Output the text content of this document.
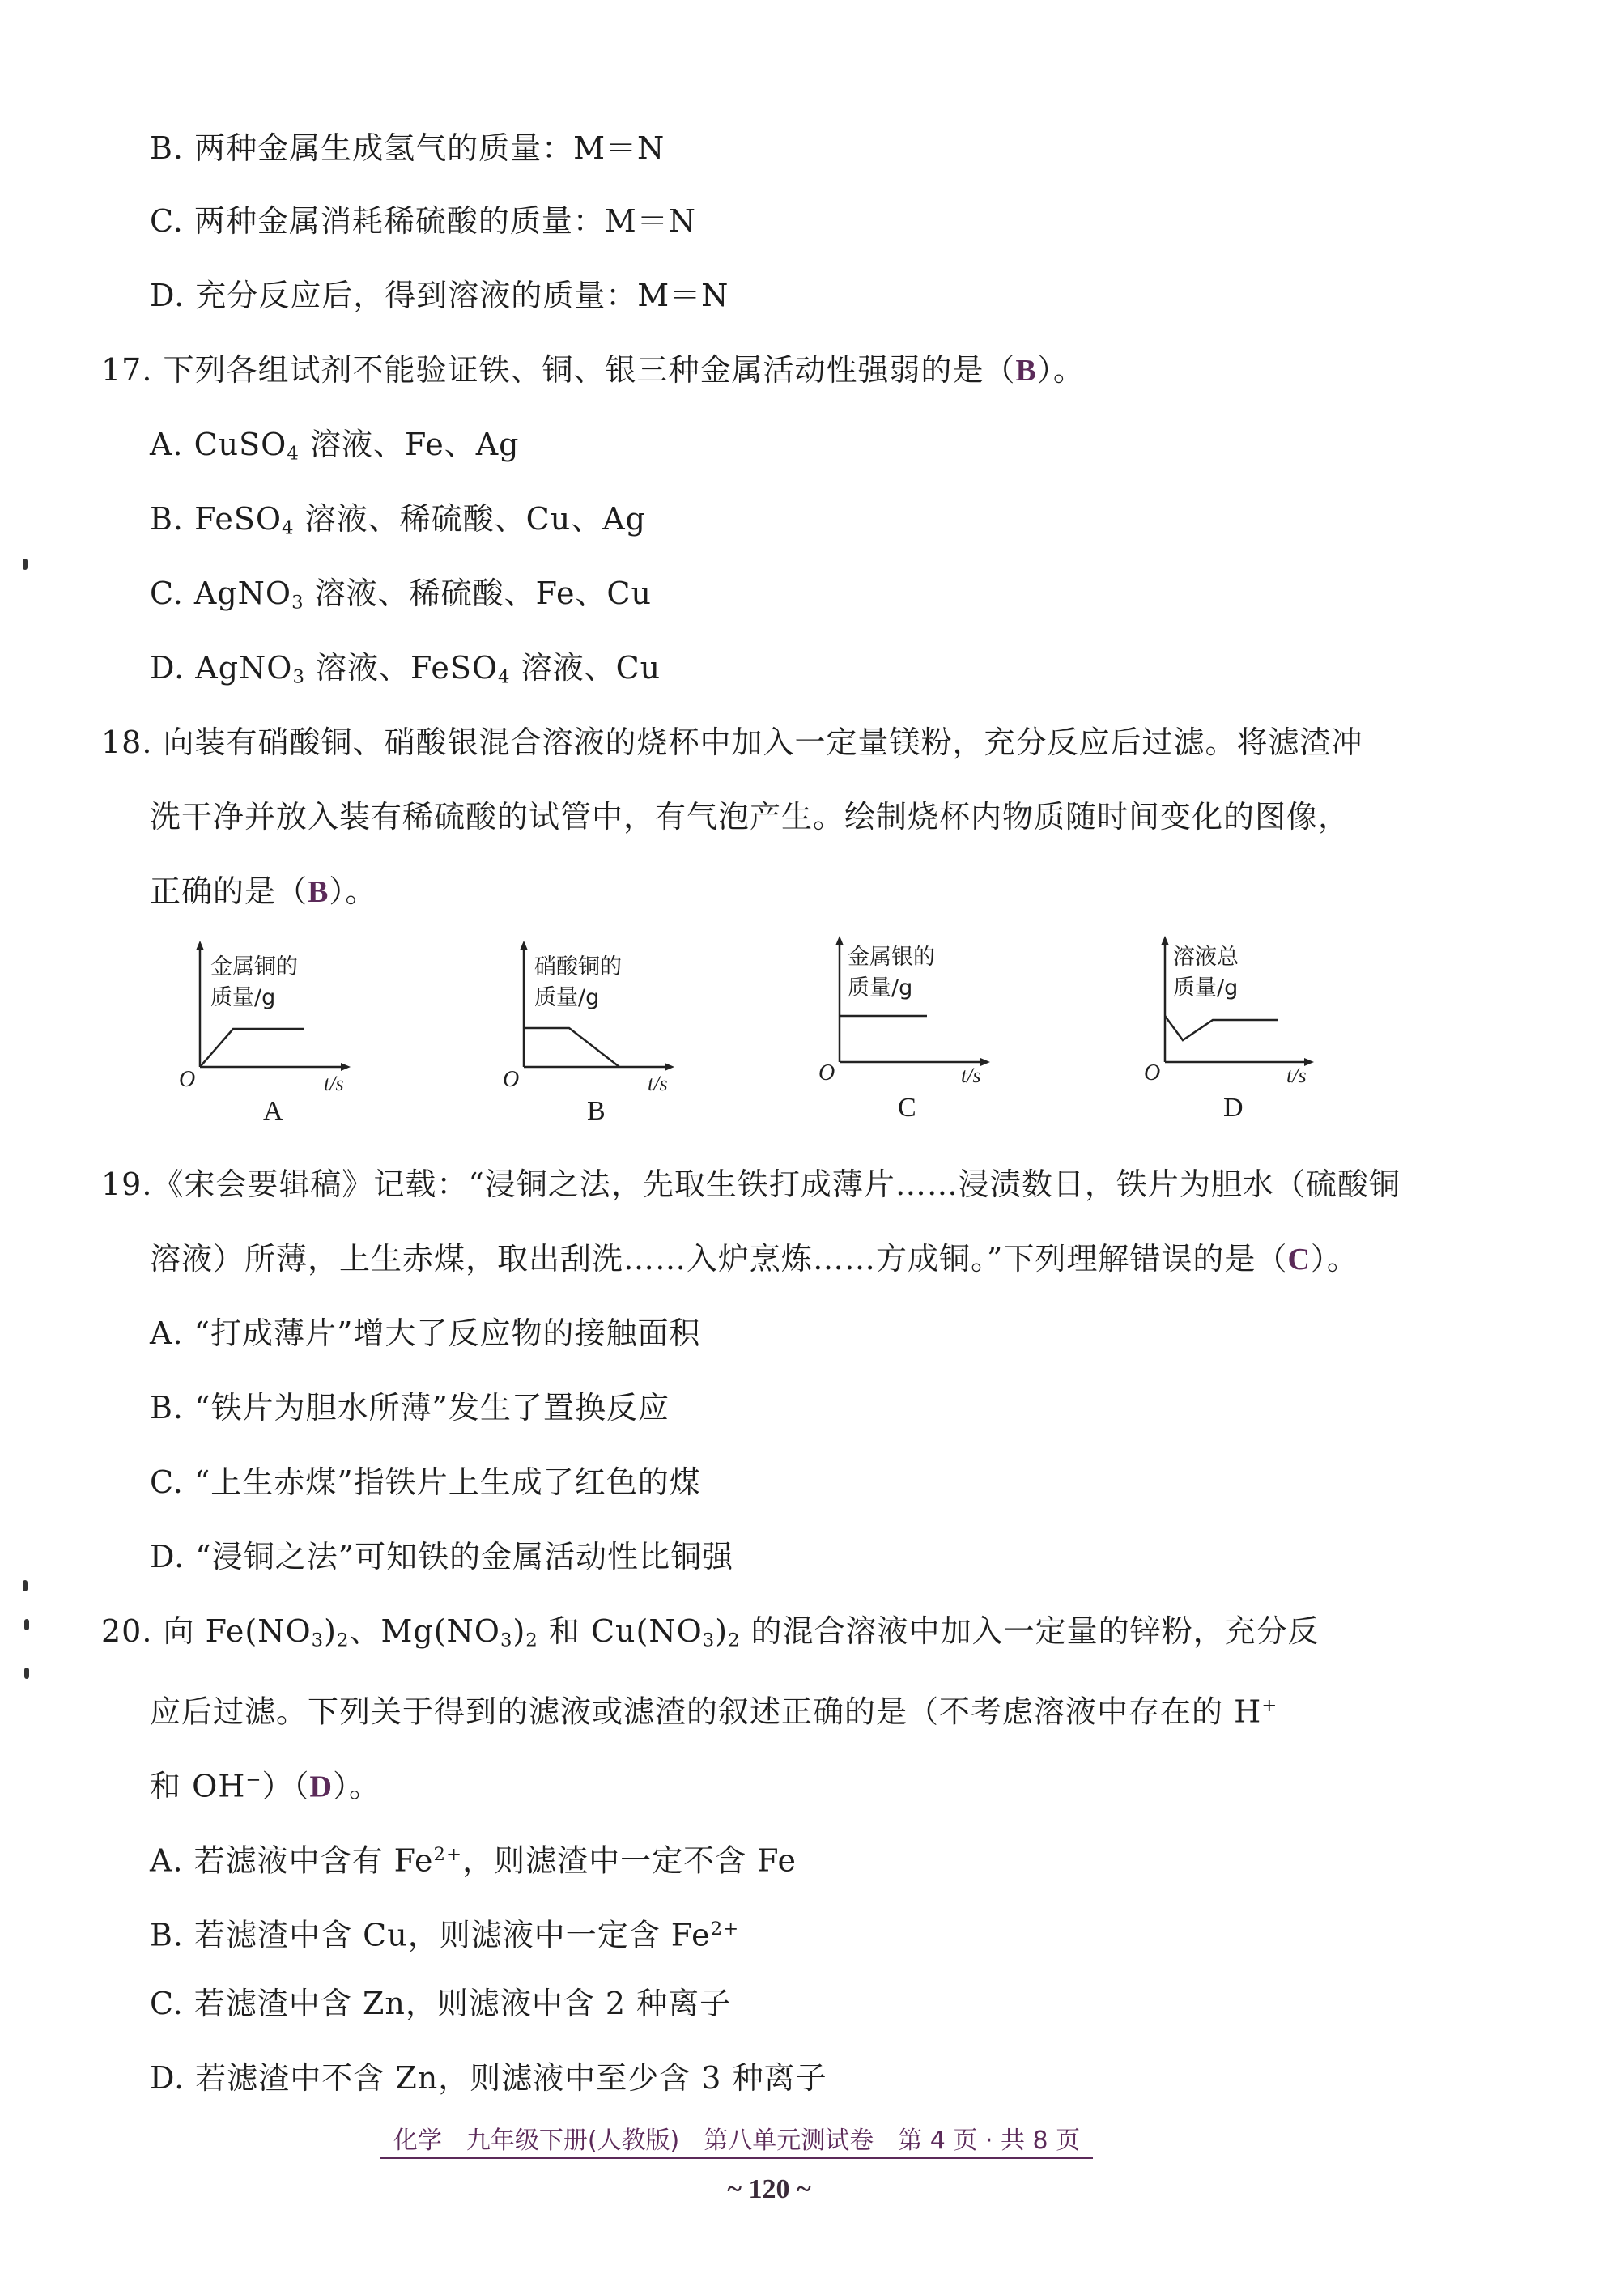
B. 两种金属生成氢气的质量：M＝N
C. 两种金属消耗稀硫酸的质量：M＝N
D. 充分反应后，得到溶液的质量：M＝N
17. 下列各组试剂不能验证铁、铜、银三种金属活动性强弱的是（B）。
A. CuSO$_4$ 溶液、Fe、Ag
B. FeSO$_4$ 溶液、稀硫酸、Cu、Ag
C. AgNO$_3$ 溶液、稀硫酸、Fe、Cu
D. AgNO$_3$ 溶液、FeSO$_4$ 溶液、Cu
18. 向装有硝酸铜、硝酸银混合溶液的烧杯中加入一定量镁粉，充分反应后过滤。将滤渣冲
洗干净并放入装有稀硫酸的试管中，有气泡产生。绘制烧杯内物质随时间变化的图像，
正确的是（B）。
金属铜的
质量/g
O	t/s
A
硝酸铜的
质量/g
O	t/s
B
金属银的
质量/g
O	t/s
C
溶液总
质量/g
O	t/s
D
19.《宋会要辑稿》记载：“浸铜之法，先取生铁打成薄片……浸渍数日，铁片为胆水（硫酸铜
溶液）所薄，上生赤煤，取出刮洗……入炉烹炼……方成铜。”下列理解错误的是（C）。
A. “打成薄片”增大了反应物的接触面积
B. “铁片为胆水所薄”发生了置换反应
C. “上生赤煤”指铁片上生成了红色的煤
D. “浸铜之法”可知铁的金属活动性比铜强
20. 向 $Fe(NO_3)_2$、$Mg(NO_3)_2$ 和 $Cu(NO_3)_2$ 的混合溶液中加入一定量的锌粉，充分反
应后过滤。下列关于得到的滤液或滤渣的叙述正确的是（不考虑溶液中存在的 H+
和 OH−）（D）。
A. 若滤液中含有 $Fe^{2+}$，则滤渣中一定不含 Fe
B. 若滤渣中含 Cu，则滤液中一定含 $Fe^{2+}$
C. 若滤渣中含 Zn，则滤液中含 2 种离子
D. 若滤渣中不含 Zn，则滤液中至少含 3 种离子
化学　九年级下册(人教版)　第八单元测试卷　第 4 页 · 共 8 页
~ 120 ~
